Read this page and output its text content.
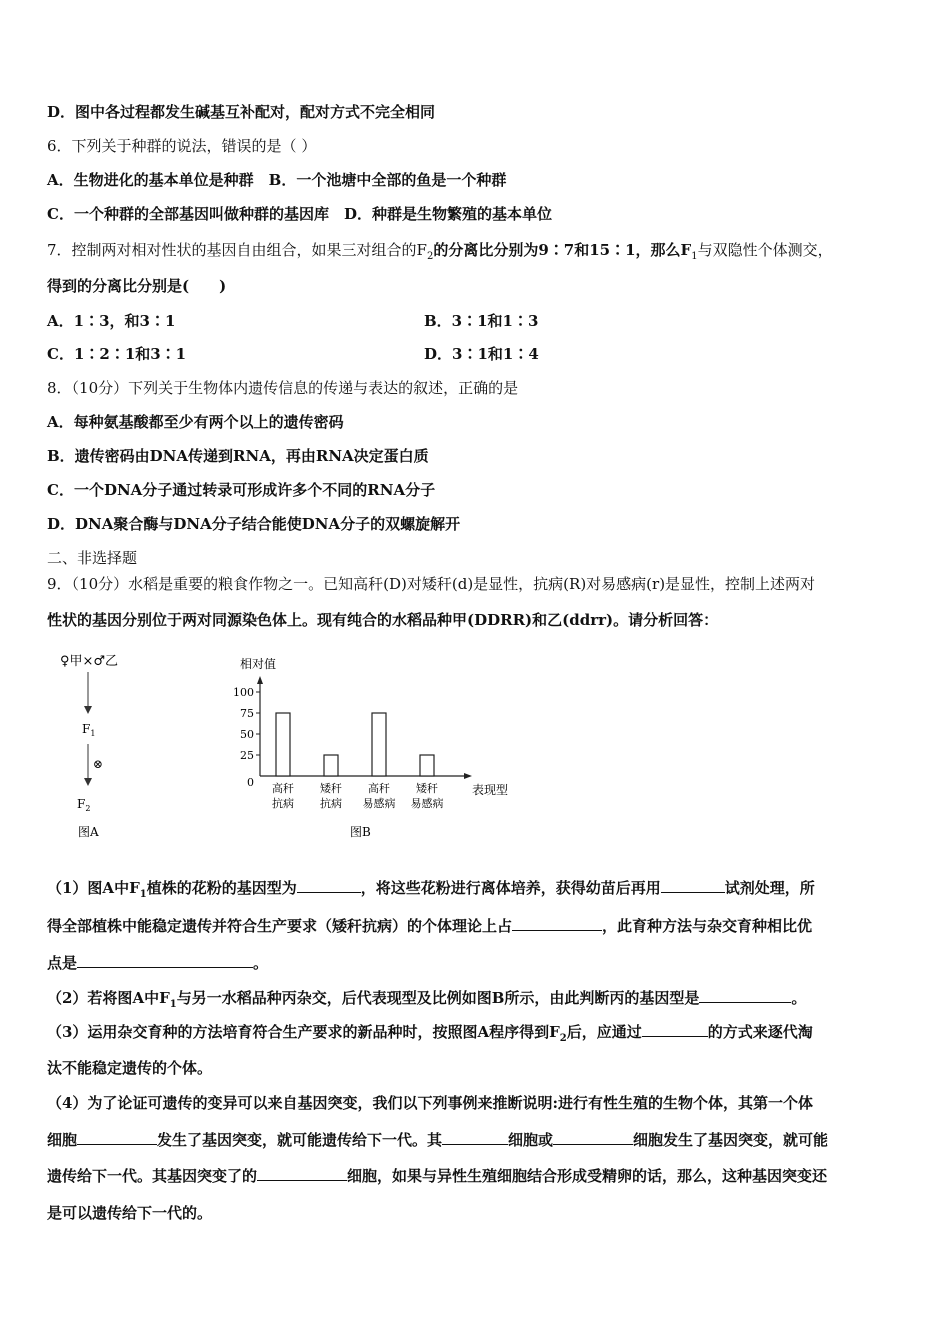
D．图中各过程都发生碱基互补配对，配对方式不完全相同
6．下列关于种群的说法，错误的是（ ）
A．生物进化的基本单位是种群　B．一个池塘中全部的鱼是一个种群
C．一个种群的全部基因叫做种群的基因库　D．种群是生物繁殖的基本单位
7．控制两对相对性状的基因自由组合，如果三对组合的$F_2$的分离比分别为9∶7和15∶1，那么$F_1$与双隐性个体测交，
得到的分离比分别是(　　)
A．1∶3，和3∶1	B．3∶1和1∶3
C．1∶2∶1和3∶1	D．3∶1和1∶4
8．（10分）下列关于生物体内遗传信息的传递与表达的叙述，正确的是
A．每种氨基酸都至少有两个以上的遗传密码
B．遗传密码由DNA传递到RNA，再由RNA决定蛋白质
C．一个DNA分子通过转录可形成许多个不同的RNA分子
D．DNA聚合酶与DNA分子结合能使DNA分子的双螺旋解开
二、非选择题
9．（10分）水稻是重要的粮食作物之一。已知高秆(D)对矮秆(d)是显性，抗病(R)对易感病(r)是显性，控制上述两对
性状的基因分别位于两对同源染色体上。现有纯合的水稻品种甲(DDRR)和乙(ddrr)。请分析回答：
♀甲×♂乙
$F_1$
⊗
$F_2$
图A
相对值
表现型
100
75
50
25
0 高秆
抗病
矮秆
抗病
高秆
易感病
矮秆
易感病
图B
（1）图A中$F_1$植株的花粉的基因型为	，将这些花粉进行离体培养，获得幼苗后再用	试剂处理，所
得全部植株中能稳定遗传并符合生产要求（矮秆抗病）的个体理论上占	，此育种方法与杂交育种相比优
点是	。
（2）若将图A中$F_1$与另一水稻品种丙杂交，后代表现型及比例如图B所示，由此判断丙的基因型是	。
（3）运用杂交育种的方法培育符合生产要求的新品种时，按照图A程序得到$F_2$后，应通过	的方式来逐代淘
汰不能稳定遗传的个体。
（4）为了论证可遗传的变异可以来自基因突变，我们以下列事例来推断说明:进行有性生殖的生物个体，其第一个体
细胞	发生了基因突变，就可能遗传给下一代。其	细胞或	细胞发生了基因突变，就可能
遗传给下一代。其基因突变了的	细胞，如果与异性生殖细胞结合形成受精卵的话，那么，这种基因突变还
是可以遗传给下一代的。
